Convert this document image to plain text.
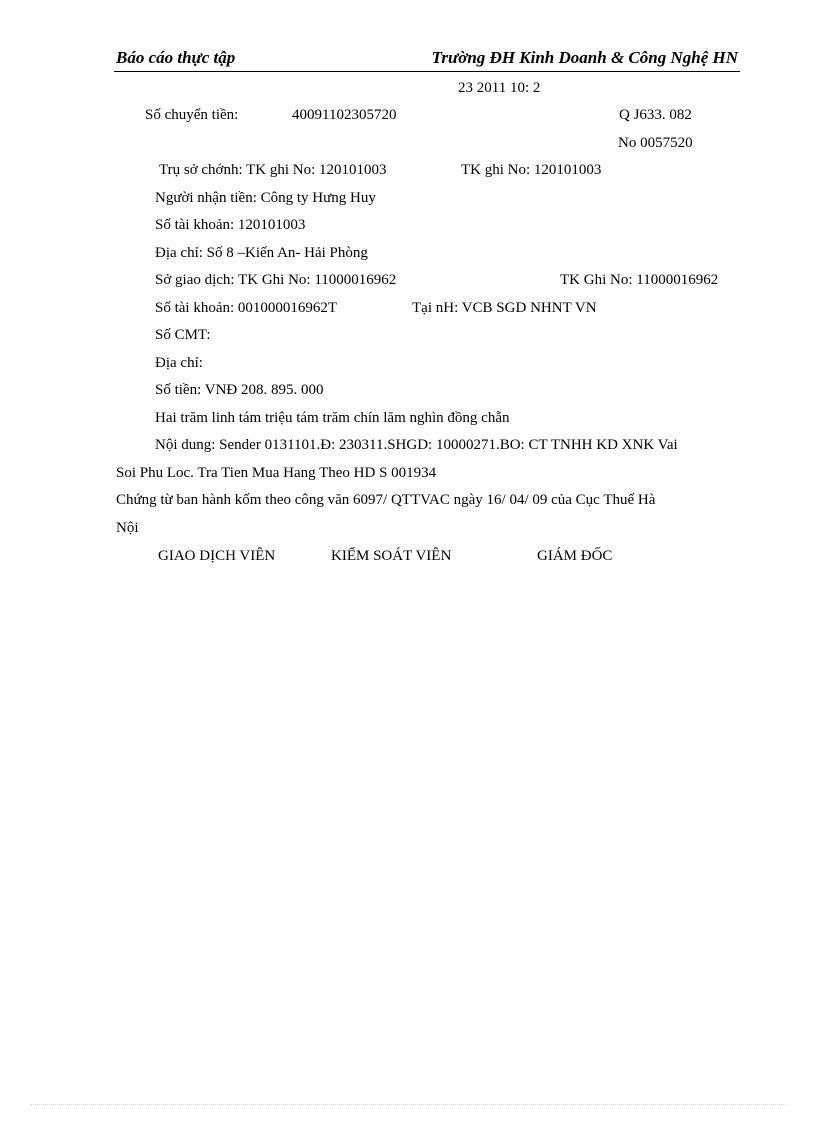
Báo cáo thực tập	Trường ĐH Kinh Doanh & Công Nghệ HN
23 2011 10: 2
Số chuyển tiền:	40091102305720	Q J633. 082
No 0057520
Trụ sở chớnh: TK ghi No: 120101003	TK ghi No: 120101003
Người nhận tiền: Công ty Hưng Huy
Số tài khoản: 120101003
Địa chỉ: Số 8 –Kiến An- Hải Phòng
Sở giao dịch: TK Ghi No: 11000016962	TK Ghi No: 11000016962
Số tài khoản: 001000016962T	Tại nH: VCB SGD NHNT VN
Số CMT:
Địa chỉ:
Số tiền: VNĐ 208. 895. 000
Hai trăm linh tám triệu tám trăm chín lăm nghìn đồng chẵn
Nội dung: Sender 0131101.Đ: 230311.SHGD: 10000271.BO: CT TNHH KD XNK Vai
Soi Phu Loc. Tra Tien Mua Hang Theo HD S 001934
Chứng từ ban hành kốm theo công văn 6097/ QTTVAC ngày 16/ 04/ 09 của Cục Thuế Hà
Nội
GIAO DỊCH VIÊN	KIỂM SOÁT VIÊN	GIÁM ĐỐC
